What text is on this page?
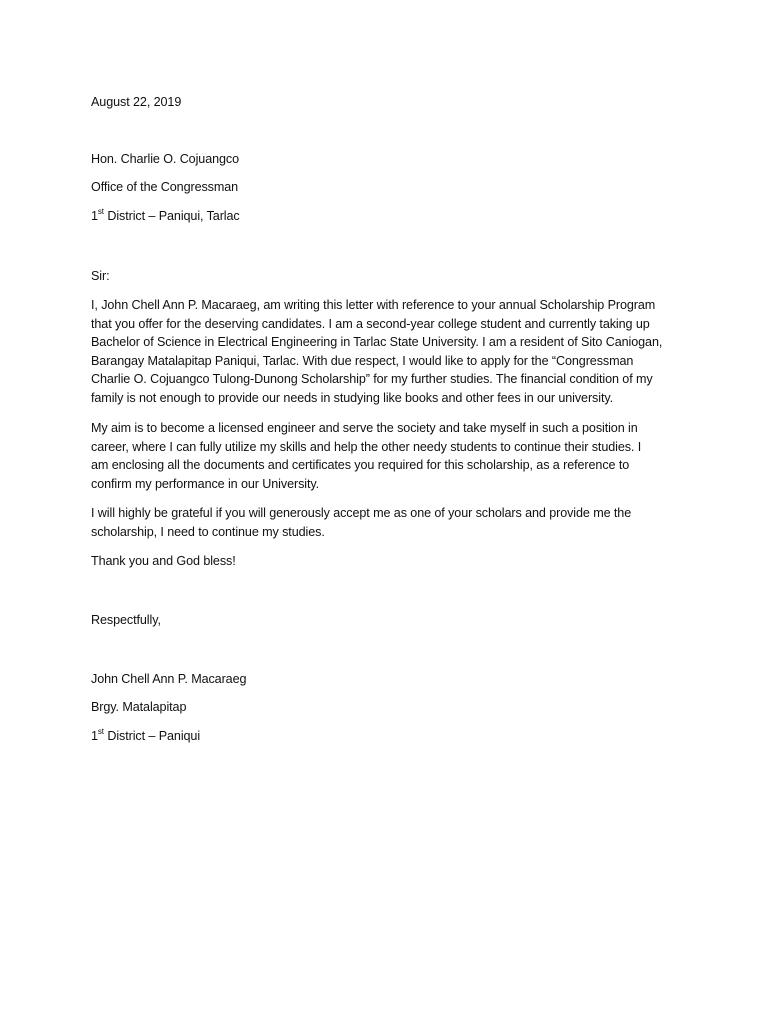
August 22, 2019
Hon. Charlie O. Cojuangco
Office of the Congressman
1st District – Paniqui, Tarlac
Sir:

I, John Chell Ann P. Macaraeg, am writing this letter with reference to your annual Scholarship Program

that you offer for the deserving candidates. I am a second-year college student and currently taking up

Bachelor of Science in Electrical Engineering in Tarlac State University. I am a resident of Sito Caniogan,

Barangay Matalapitap Paniqui, Tarlac. With due respect, I would like to apply for the “Congressman

Charlie O. Cojuangco Tulong-Dunong Scholarship” for my further studies. The financial condition of my

family is not enough to provide our needs in studying like books and other fees in our university.

My aim is to become a licensed engineer and serve the society and take myself in such a position in

career, where I can fully utilize my skills and help the other needy students to continue their studies. I

am enclosing all the documents and certificates you required for this scholarship, as a reference to

confirm my performance in our University.

I will highly be grateful if you will generously accept me as one of your scholars and provide me the

scholarship, I need to continue my studies.

Thank you and God bless!
Respectfully,
John Chell Ann P. Macaraeg
Brgy. Matalapitap
1st District – Paniqui
